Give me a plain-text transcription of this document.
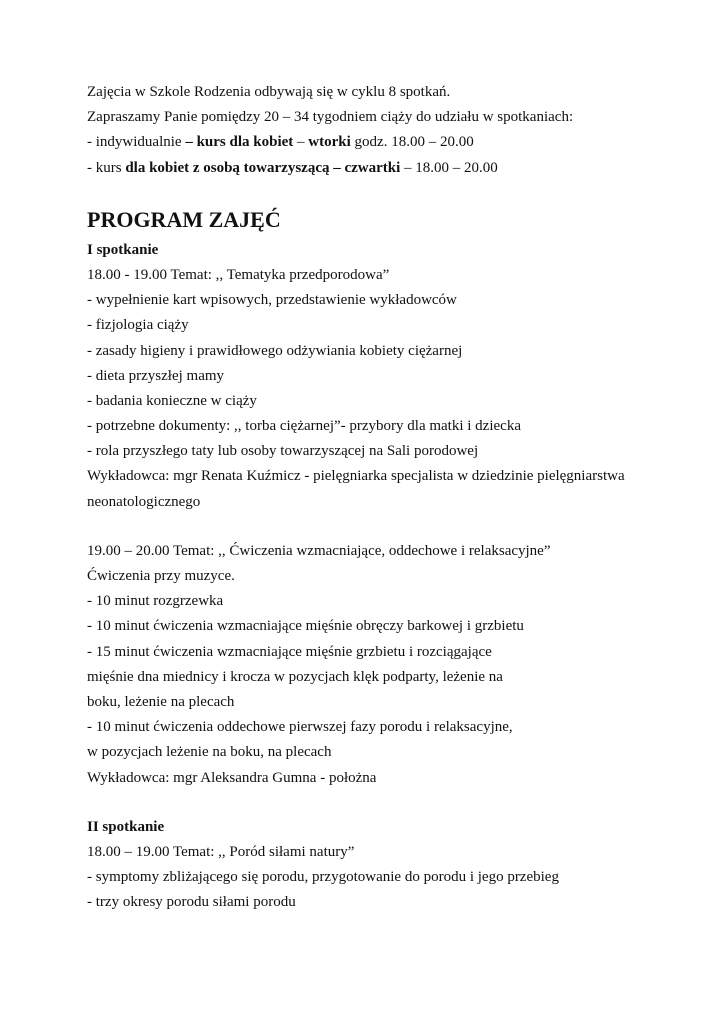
Zajęcia w Szkole Rodzenia odbywają się w cyklu 8 spotkań.
Zapraszamy Panie pomiędzy 20 – 34 tygodniem ciąży do udziału w spotkaniach:
- indywidualnie – kurs dla kobiet – wtorki godz. 18.00 – 20.00
- kurs dla kobiet z osobą towarzyszącą – czwartki – 18.00 – 20.00
PROGRAM ZAJĘĆ
I spotkanie
18.00 - 19.00 Temat: ,, Tematyka przedporodowa”
- wypełnienie kart wpisowych, przedstawienie wykładowców
- fizjologia ciąży
- zasady higieny i prawidłowego odżywiania kobiety ciężarnej
- dieta przyszłej mamy
- badania konieczne w ciąży
- potrzebne dokumenty: ,, torba ciężarnej”- przybory dla matki i dziecka
- rola przyszłego taty lub osoby towarzyszącej na Sali porodowej
Wykładowca: mgr Renata Kuźmicz - pielęgniarka specjalista w dziedzinie pielęgniarstwa
neonatologicznego
19.00 – 20.00 Temat: ,, Ćwiczenia wzmacniające, oddechowe i relaksacyjne”
Ćwiczenia przy muzyce.
- 10 minut rozgrzewka
- 10 minut ćwiczenia wzmacniające mięśnie obręczy barkowej i grzbietu
- 15 minut ćwiczenia wzmacniające mięśnie grzbietu i rozciągające
mięśnie dna miednicy i krocza w pozycjach klęk podparty, leżenie na
boku, leżenie na plecach
- 10 minut ćwiczenia oddechowe pierwszej fazy porodu i relaksacyjne,
w pozycjach leżenie na boku, na plecach
Wykładowca: mgr Aleksandra Gumna - położna
II spotkanie
18.00 – 19.00 Temat: ,, Poród siłami natury”
- symptomy zbliżającego się porodu, przygotowanie do porodu i jego przebieg
- trzy okresy porodu siłami porodu
